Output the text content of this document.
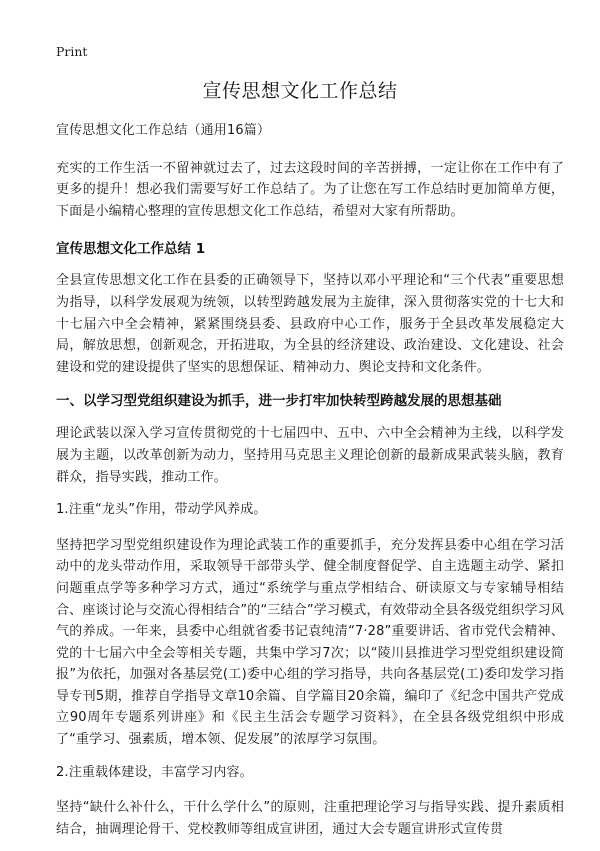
Print
宣传思想文化工作总结

宣传思想文化工作总结（通用16篇）

充实的工作生活一不留神就过去了，过去这段时间的辛苦拼搏，一定让你在工作中有了更多的提升！想必我们需要写好工作总结了。为了让您在写工作总结时更加简单方便，下面是小编精心整理的宣传思想文化工作总结，希望对大家有所帮助。

宣传思想文化工作总结 1

全县宣传思想文化工作在县委的正确领导下，坚持以邓小平理论和“三个代表”重要思想为指导，以科学发展观为统领，以转型跨越发展为主旋律，深入贯彻落实党的十七大和十七届六中全会精神，紧紧围绕县委、县政府中心工作，服务于全县改革发展稳定大局，解放思想，创新观念，开拓进取，为全县的经济建设、政治建设、文化建设、社会建设和党的建设提供了坚实的思想保证、精神动力、舆论支持和文化条件。

一、以学习型党组织建设为抓手，进一步打牢加快转型跨越发展的思想基础

理论武装以深入学习宣传贯彻党的十七届四中、五中、六中全会精神为主线，以科学发展为主题，以改革创新为动力，坚持用马克思主义理论创新的最新成果武装头脑，教育群众，指导实践，推动工作。

1.注重“龙头”作用，带动学风养成。

坚持把学习型党组织建设作为理论武装工作的重要抓手，充分发挥县委中心组在学习活动中的龙头带动作用，采取领导干部带头学、健全制度督促学、自主选题主动学、紧扣问题重点学等多种学习方式，通过“系统学与重点学相结合、研读原文与专家辅导相结合、座谈讨论与交流心得相结合”的“三结合”学习模式，有效带动全县各级党组织学习风气的养成。一年来，县委中心组就省委书记袁纯清“7·28”重要讲话、省市党代会精神、党的十七届六中全会等相关专题，共集中学习7次；以“陵川县推进学习型党组织建设简报”为依托，加强对各基层党(工)委中心组的学习指导，共向各基层党(工)委印发学习指导专刊5期，推荐自学指导文章10余篇、自学篇目20余篇，编印了《纪念中国共产党成立90周年专题系列讲座》和《民主生活会专题学习资料》，在全县各级党组织中形成了“重学习、强素质，增本领、促发展”的浓厚学习氛围。

2.注重载体建设，丰富学习内容。

坚持“缺什么补什么，干什么学什么”的原则，注重把理论学习与指导实践、提升素质相结合，抽调理论骨干、党校教师等组成宣讲团，通过大会专题宣讲形式宣传贯
